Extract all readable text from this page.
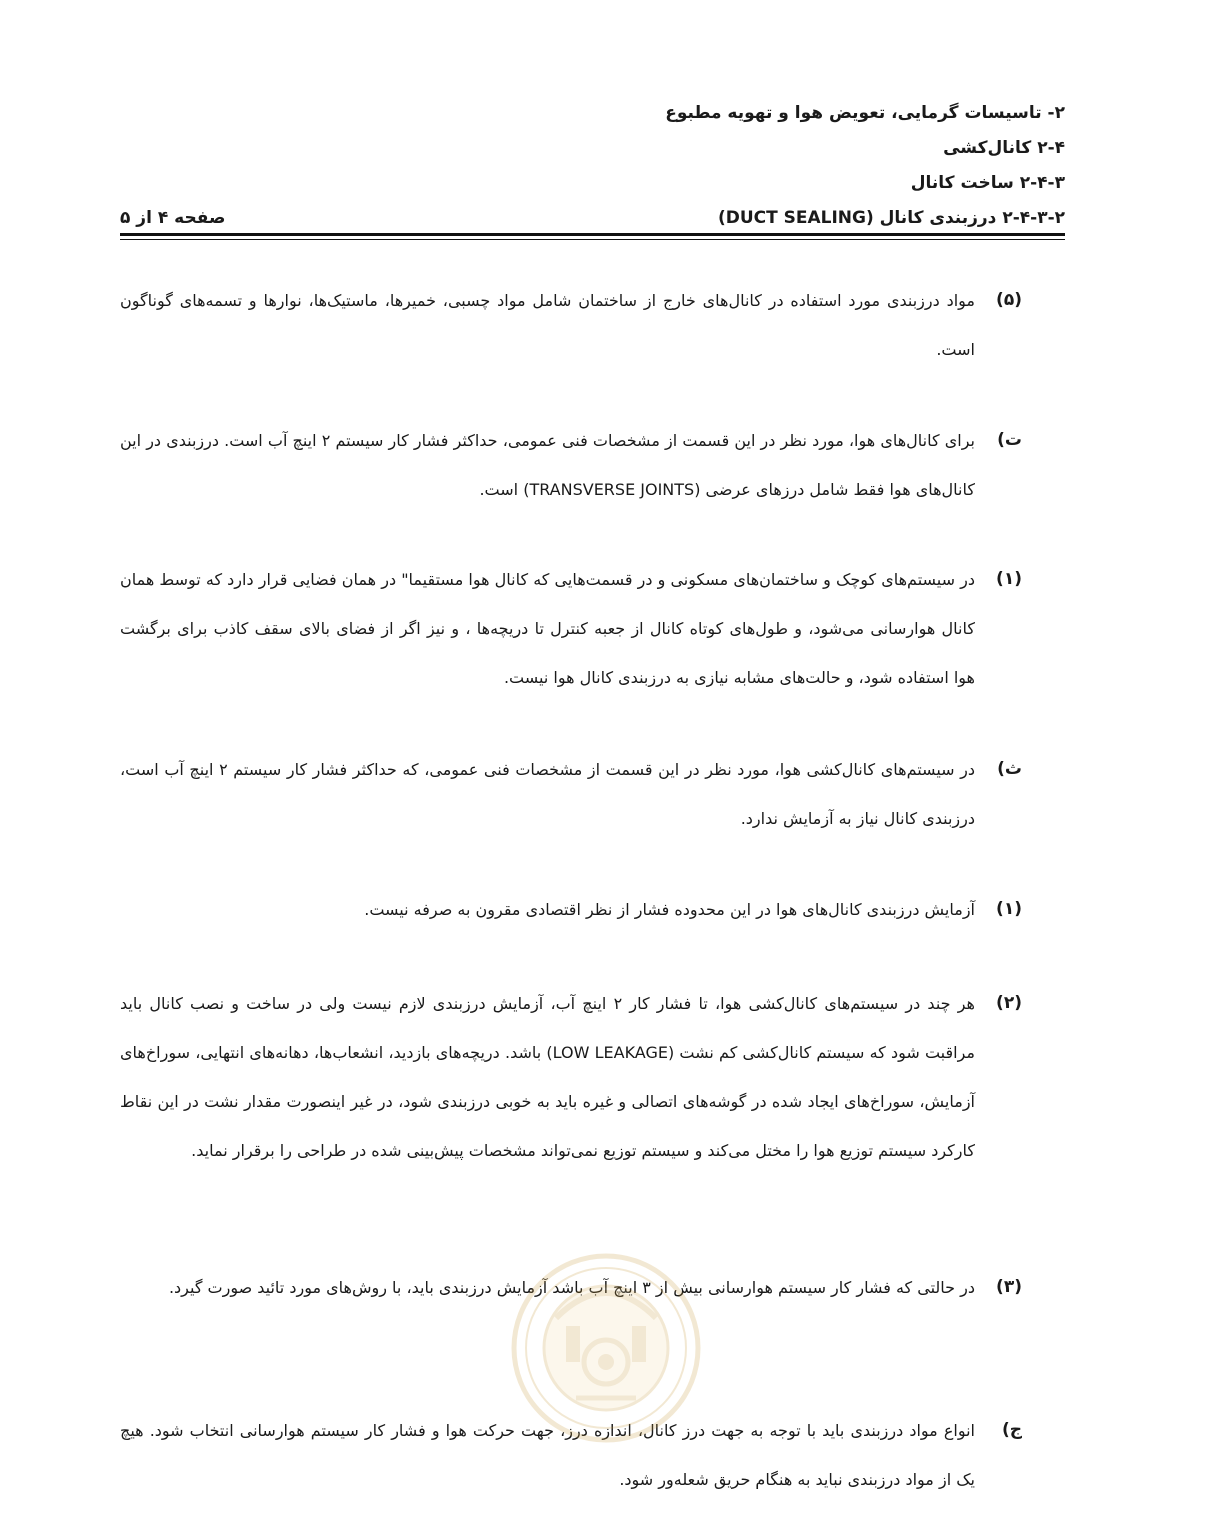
۲- تاسیسات گرمایی، تعویض هوا و تهویه مطبوع
۲-۴ کانال‌کشی
۲-۴-۳ ساخت کانال
۲-۴-۳-۲ درزبندی کانال (DUCT SEALING)
صفحه ۴ از ۵
(۵)
مواد درزبندی مورد استفاده در کانال‌های خارج از ساختمان شامل مواد چسبی، خمیرها، ماستیک‌ها، نوارها و تسمه‌های گوناگون است.
ت)
برای کانال‌های هوا، مورد نظر در این قسمت از مشخصات فنی عمومی، حداکثر فشار کار سیستم ۲ اینچ آب است. درزبندی در این کانال‌های هوا فقط شامل درزهای عرضی (TRANSVERSE JOINTS) است.
(۱)
در سیستم‌های کوچک و ساختمان‌های مسکونی و در قسمت‌هایی که کانال هوا مستقیما" در همان فضایی قرار دارد که توسط همان کانال هوارسانی می‌شود، و طول‌های کوتاه کانال از جعبه کنترل تا دریچه‌ها ، و نیز اگر از فضای بالای سقف کاذب برای برگشت هوا استفاده شود، و حالت‌های مشابه نیازی به درزبندی کانال هوا نیست.
ث)
در سیستم‌های کانال‌کشی هوا، مورد نظر در این قسمت از مشخصات فنی عمومی، که حداکثر فشار کار سیستم ۲ اینچ آب است، درزبندی کانال نیاز به آزمایش ندارد.
(۱)
آزمایش درزبندی کانال‌های هوا در این محدوده فشار از نظر اقتصادی مقرون به صرفه نیست.
(۲)
هر چند در سیستم‌های کانال‌کشی هوا، تا فشار کار ۲ اینچ آب، آزمایش درزبندی لازم نیست ولی در ساخت و نصب کانال باید مراقبت شود که سیستم کانال‌کشی کم نشت (LOW LEAKAGE) باشد. دریچه‌های بازدید، انشعاب‌ها، دهانه‌های انتهایی، سوراخ‌های آزمایش، سوراخ‌های ایجاد شده در گوشه‌های اتصالی و غیره باید به خوبی درزبندی شود، در غیر اینصورت مقدار نشت در این نقاط کارکرد سیستم توزیع هوا را مختل می‌کند و سیستم توزیع نمی‌تواند مشخصات پیش‌بینی شده در طراحی را برقرار نماید.
(۳)
در حالتی که فشار کار سیستم هوارسانی بیش از ۳ اینچ آب باشد آزمایش درزبندی باید، با روش‌های مورد تائید صورت گیرد.
ج)
انواع مواد درزبندی باید با توجه به جهت درز کانال، اندازه درز، جهت حرکت هوا و فشار کار سیستم هوارسانی انتخاب شود. هیچ یک از مواد درزبندی نباید به هنگام حریق شعله‌ور شود.
